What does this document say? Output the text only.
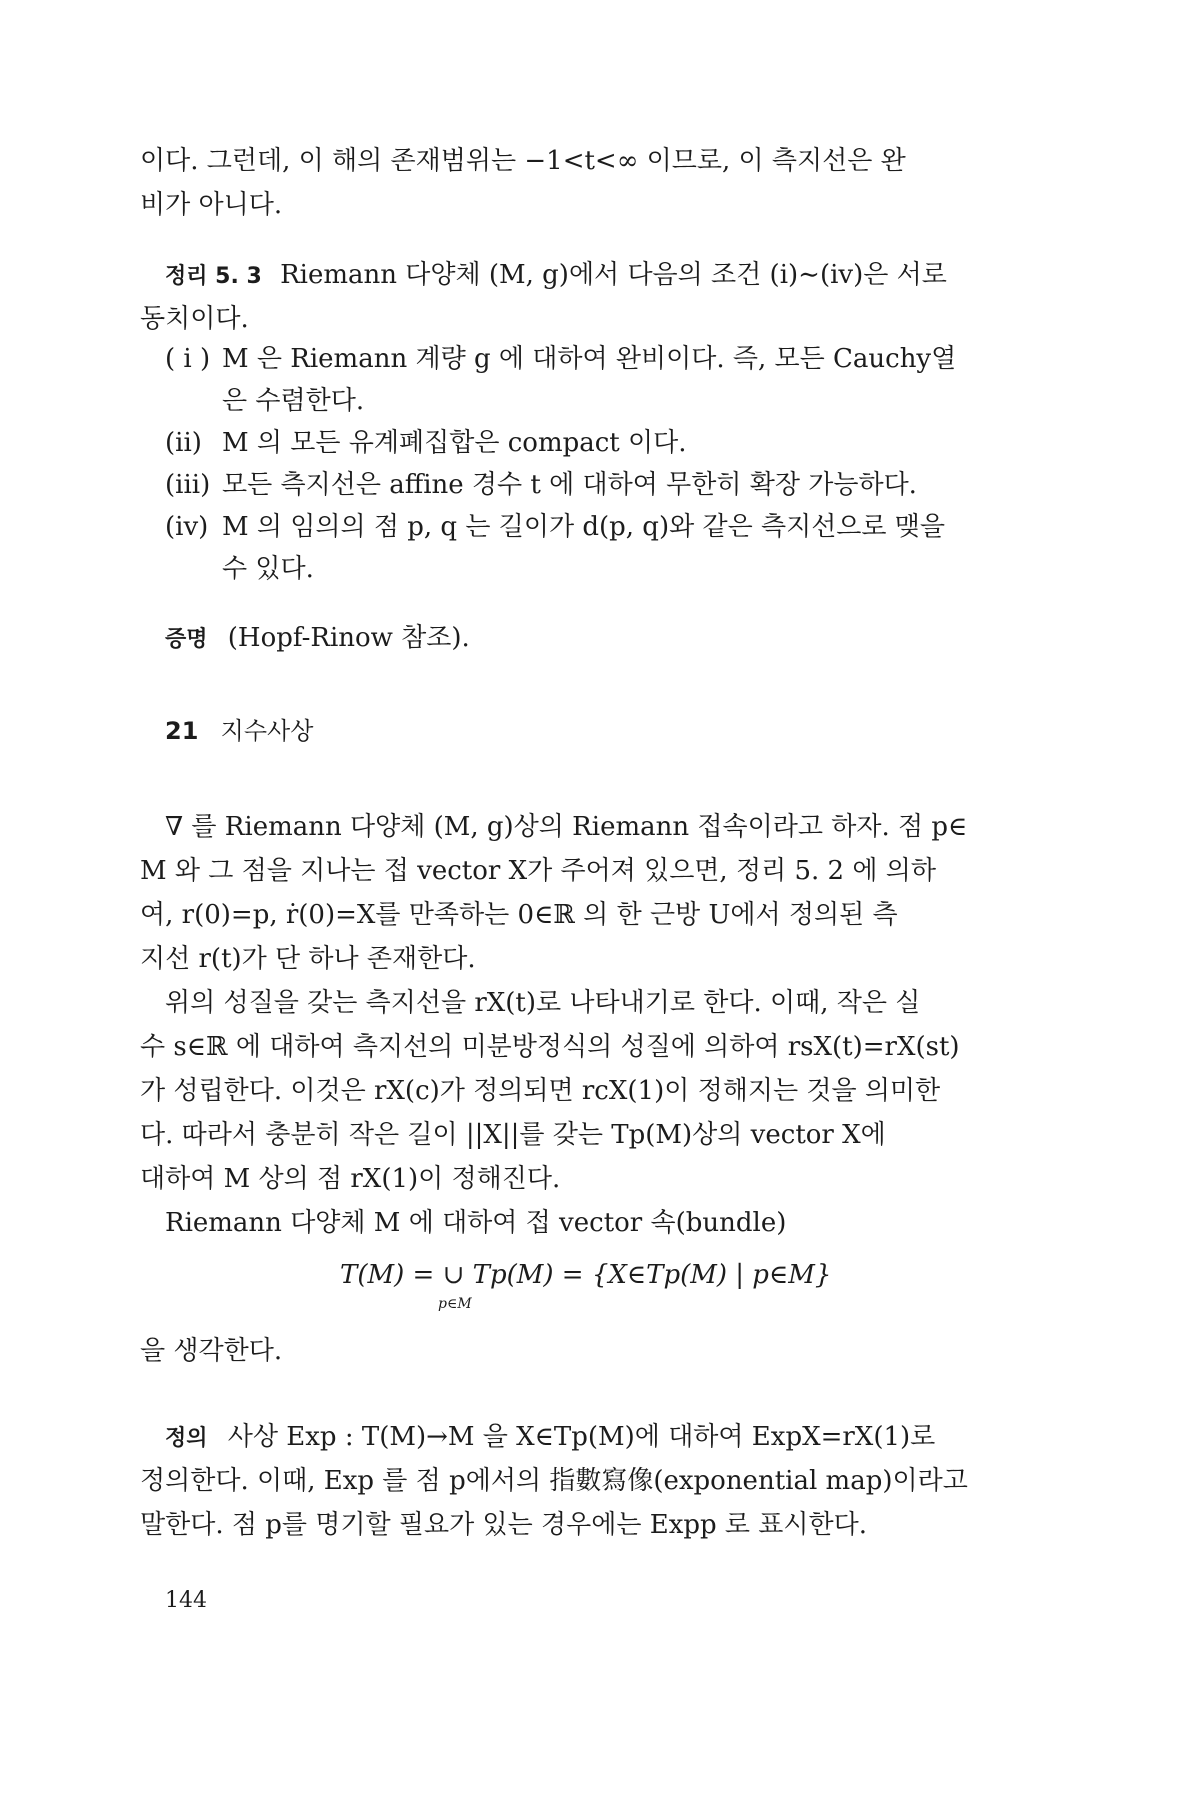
이다. 그런데, 이 해의 존재범위는 −1<t<∞ 이므로, 이 측지선은 완
비가 아니다.
정리 5. 3 Riemann 다양체 (M, g)에서 다음의 조건 (i)∼(iv)은 서로
동치이다.
( i ) M 은 Riemann 계량 g 에 대하여 완비이다. 즉, 모든 Cauchy열
은 수렴한다.
(ii) M 의 모든 유계폐집합은 compact 이다.
(iii) 모든 측지선은 affine 경수 t 에 대하여 무한히 확장 가능하다.
(iv) M 의 임의의 점 p, q 는 길이가 d(p, q)와 같은 측지선으로 맺을
수 있다.
증명 (Hopf-Rinow 참조).
21 지수사상
∇ 를 Riemann 다양체 (M, g)상의 Riemann 접속이라고 하자. 점 p∈
M 와 그 점을 지나는 접 vector X가 주어져 있으면, 정리 5. 2 에 의하
여, r(0)=p, ṙ(0)=X를 만족하는 0∈ℝ 의 한 근방 U에서 정의된 측
지선 r(t)가 단 하나 존재한다.
위의 성질을 갖는 측지선을 rX(t)로 나타내기로 한다. 이때, 작은 실
수 s∈ℝ 에 대하여 측지선의 미분방정식의 성질에 의하여 rsX(t)=rX(st)
가 성립한다. 이것은 rX(c)가 정의되면 rcX(1)이 정해지는 것을 의미한
다. 따라서 충분히 작은 길이 ||X||를 갖는 Tp(M)상의 vector X에
대하여 M 상의 점 rX(1)이 정해진다.
Riemann 다양체 M 에 대하여 접 vector 속(bundle)
T(M) = ∪ Tp(M) = {X∈Tp(M) | p∈M}
p∈M
을 생각한다.
정의 사상 Exp : T(M)→M 을 X∈Tp(M)에 대하여 ExpX=rX(1)로
정의한다. 이때, Exp 를 점 p에서의 指數寫像(exponential map)이라고
말한다. 점 p를 명기할 필요가 있는 경우에는 Expp 로 표시한다.
144
